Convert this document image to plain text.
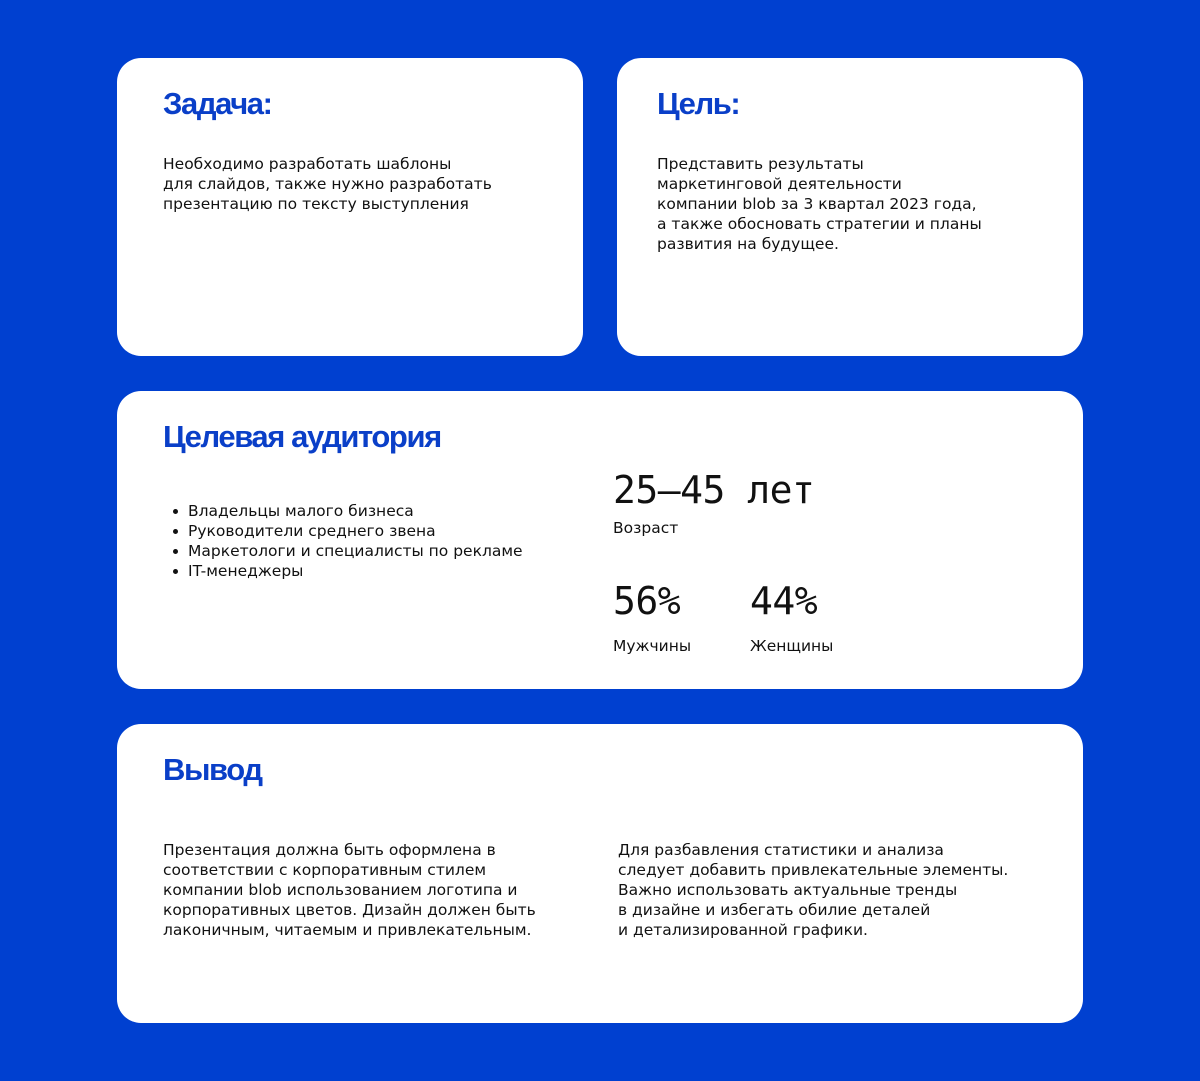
Задача:

Необходимо разработать шаблоны
для слайдов, также нужно разработать
презентацию по тексту выступления

Цель:

Представить результаты
маркетинговой деятельности
компании blob за 3 квартал 2023 года,
а также обосновать стратегии и планы
развития на будущее.

Целевая аудитория
Владельцы малого бизнеса
Руководители среднего звена
Маркетологи и специалисты по рекламе
IT-менеджеры
25–45 лет
Возраст
56%
Мужчины
44%
Женщины
Вывод

Презентация должна быть оформлена в
соответствии с корпоративным стилем
компании blob использованием логотипа и
корпоративных цветов. Дизайн должен быть
лаконичным, читаемым и привлекательным.

Для разбавления статистики и анализа
следует добавить привлекательные элементы.
Важно использовать актуальные тренды
в дизайне и избегать обилие деталей
и детализированной графики.
